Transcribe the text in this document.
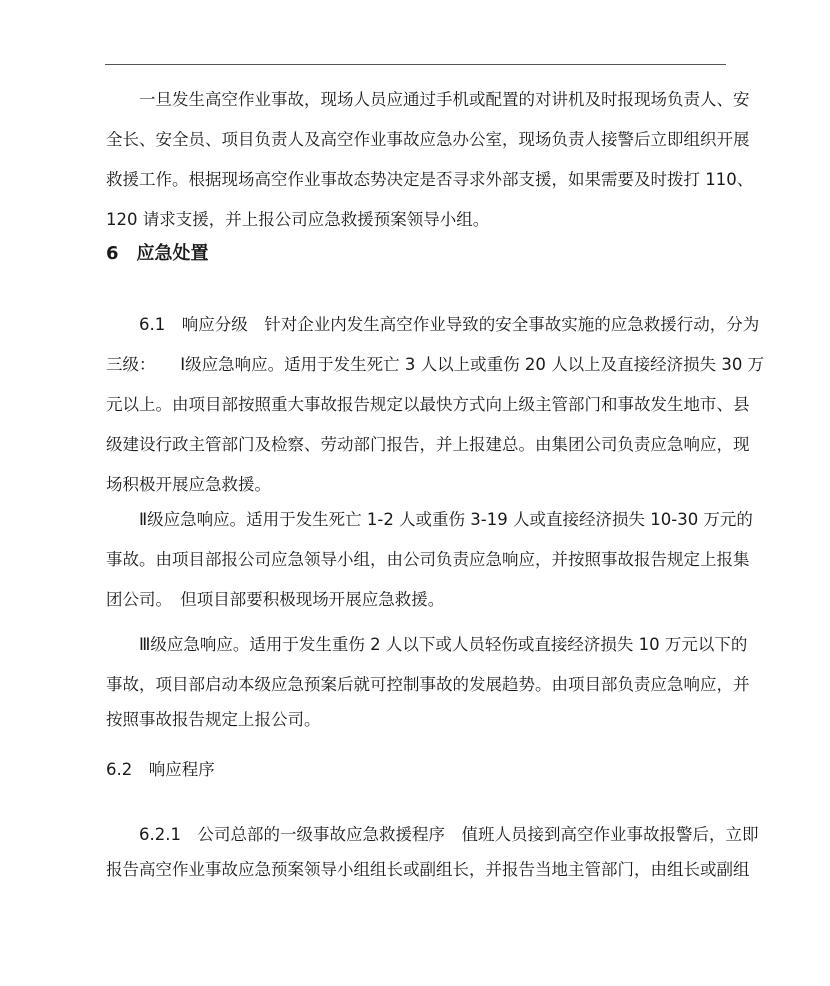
　　一旦发生高空作业事故，现场人员应通过手机或配置的对讲机及时报现场负责人、安
全长、安全员、项目负责人及高空作业事故应急办公室，现场负责人接警后立即组织开展
救援工作。根据现场高空作业事故态势决定是否寻求外部支援，如果需要及时拨打 110、
120 请求支援，并上报公司应急救援预案领导小组。
6　应急处置
　　6.1　响应分级　针对企业内发生高空作业导致的安全事故实施的应急救援行动，分为
三级：　　Ⅰ级应急响应。适用于发生死亡 3 人以上或重伤 20 人以上及直接经济损失 30 万
元以上。由项目部按照重大事故报告规定以最快方式向上级主管部门和事故发生地市、县
级建设行政主管部门及检察、劳动部门报告，并上报建总。由集团公司负责应急响应，现
场积极开展应急救援。
　　Ⅱ级应急响应。适用于发生死亡 1-2 人或重伤 3-19 人或直接经济损失 10-30 万元的
事故。由项目部报公司应急领导小组，由公司负责应急响应，并按照事故报告规定上报集
团公司。　但项目部要积极现场开展应急救援。
　　Ⅲ级应急响应。适用于发生重伤 2 人以下或人员轻伤或直接经济损失 10 万元以下的
事故，项目部启动本级应急预案后就可控制事故的发展趋势。由项目部负责应急响应，并
按照事故报告规定上报公司。
6.2　响应程序
　　6.2.1　公司总部的一级事故应急救援程序　值班人员接到高空作业事故报警后，立即
报告高空作业事故应急预案领导小组组长或副组长，并报告当地主管部门，由组长或副组
